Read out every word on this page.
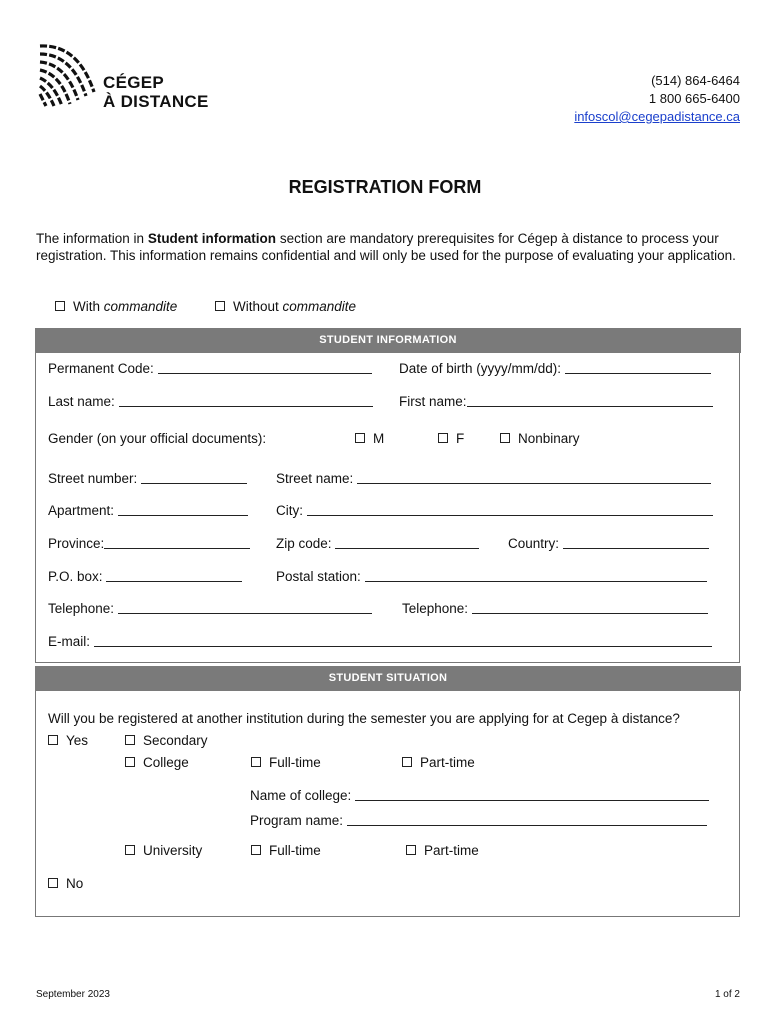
CÉGEP
À DISTANCE
(514) 864-6464
1 800 665-6400
infoscol@cegepadistance.ca
REGISTRATION FORM
The information in Student information section are mandatory prerequisites for Cégep à distance to process your registration. This information remains confidential and will only be used for the purpose of evaluating your application.
With commandite	Without commandite
STUDENT INFORMATION
Permanent Code:	Date of birth (yyyy/mm/dd):
Last name:	First name:
Gender (on your official documents):	M	F	Nonbinary
Street number:	Street name:
Apartment:	City:
Province:	Zip code:	Country:
P.O. box:	Postal station:
Telephone:	Telephone:
E-mail:
STUDENT SITUATION
Will you be registered at another institution during the semester you are applying for at Cegep à distance?
Yes	Secondary
College	Full-time	Part-time
Name of college:
Program name:
University	Full-time	Part-time
No
September 2023	1 of 2
